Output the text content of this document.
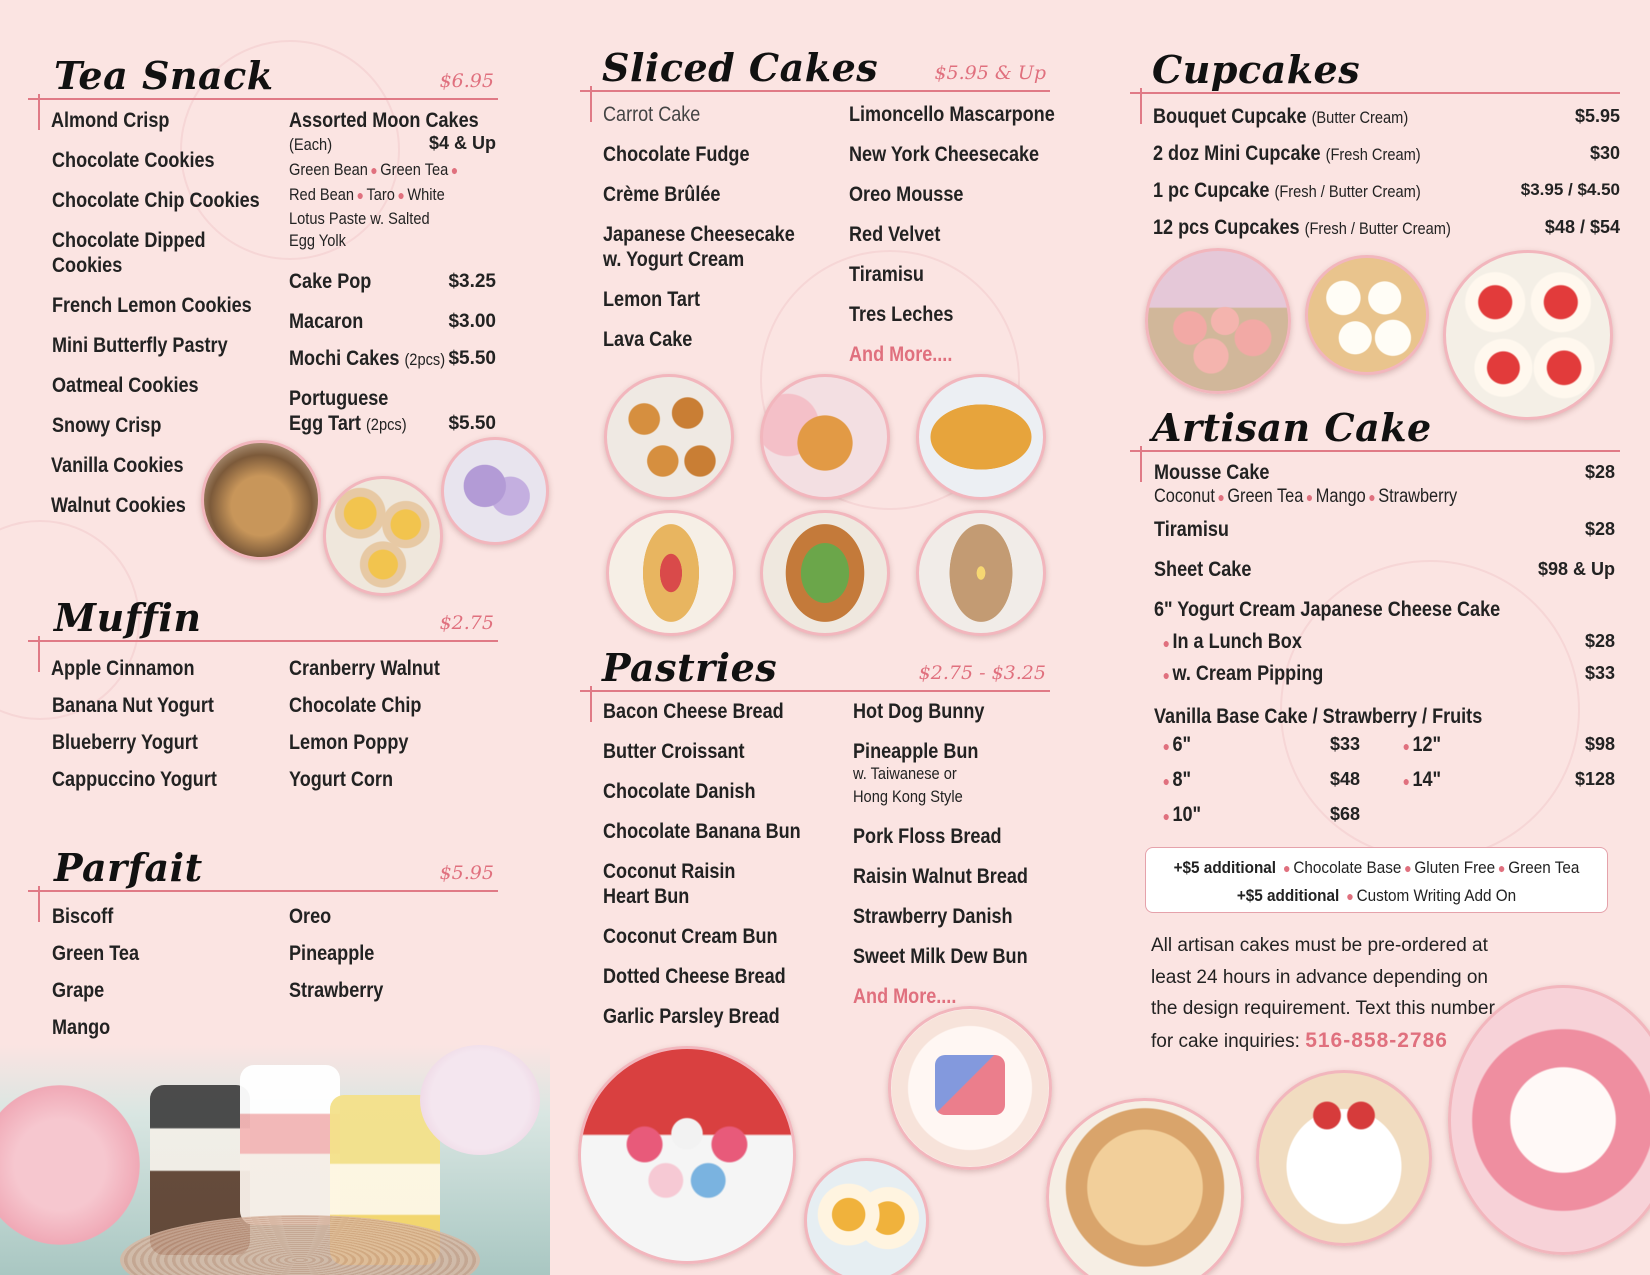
Tea Snack	$6.95
Almond Crisp
Chocolate Cookies
Chocolate Chip Cookies
Chocolate Dipped
Cookies
French Lemon Cookies
Mini Butterfly Pastry
Oatmeal Cookies
Snowy Crisp
Vanilla Cookies
Walnut Cookies
Assorted Moon Cakes
(Each)	$4 & Up
Green Bean ● Green Tea ●
Red Bean ● Taro ● White
Lotus Paste w. Salted
Egg Yolk
Cake Pop	$3.25
Macaron	$3.00
Mochi Cakes (2pcs) $5.50
Portuguese
Egg Tart (2pcs)	$5.50
Muffin	$2.75
Apple Cinnamon
Banana Nut Yogurt
Blueberry Yogurt
Cappuccino Yogurt
Cranberry Walnut
Chocolate Chip
Lemon Poppy
Yogurt Corn
Parfait	$5.95
Biscoff
Green Tea
Grape
Mango
Oreo
Pineapple
Strawberry
Sliced Cakes	$5.95 & Up
Carrot Cake
Chocolate Fudge
Crème Brûlée
Japanese Cheesecake
w. Yogurt Cream
Lemon Tart
Lava Cake
Limoncello Mascarpone
New York Cheesecake
Oreo Mousse
Red Velvet
Tiramisu
Tres Leches
And More....
Pastries	$2.75 - $3.25
Bacon Cheese Bread
Butter Croissant
Chocolate Danish
Chocolate Banana Bun
Coconut Raisin
Heart Bun
Coconut Cream Bun
Dotted Cheese Bread
Garlic Parsley Bread
Hot Dog Bunny
Pineapple Bun
w. Taiwanese or
Hong Kong Style
Pork Floss Bread
Raisin Walnut Bread
Strawberry Danish
Sweet Milk Dew Bun
And More....
Cupcakes
Bouquet Cupcake (Butter Cream)	$5.95
2 doz Mini Cupcake (Fresh Cream)	$30
1 pc Cupcake (Fresh / Butter Cream)	$3.95 / $4.50
12 pcs Cupcakes (Fresh / Butter Cream)	$48 / $54
Artisan Cake
Mousse Cake	$28
Coconut ● Green Tea ● Mango ● Strawberry
Tiramisu	$28
Sheet Cake	$98 & Up
6" Yogurt Cream Japanese Cheese Cake
● In a Lunch Box	$28
● w. Cream Pipping	$33
Vanilla Base Cake / Strawberry / Fruits
● 6"	$33	● 12"	$98
● 8"	$48	● 14"	$128
● 10"	$68
+$5 additional ● Chocolate Base ● Gluten Free ● Green Tea
+$5 additional ● Custom Writing Add On
All artisan cakes must be pre-ordered at least 24 hours in advance depending on the design requirement. Text this number for cake inquiries: 516-858-2786
